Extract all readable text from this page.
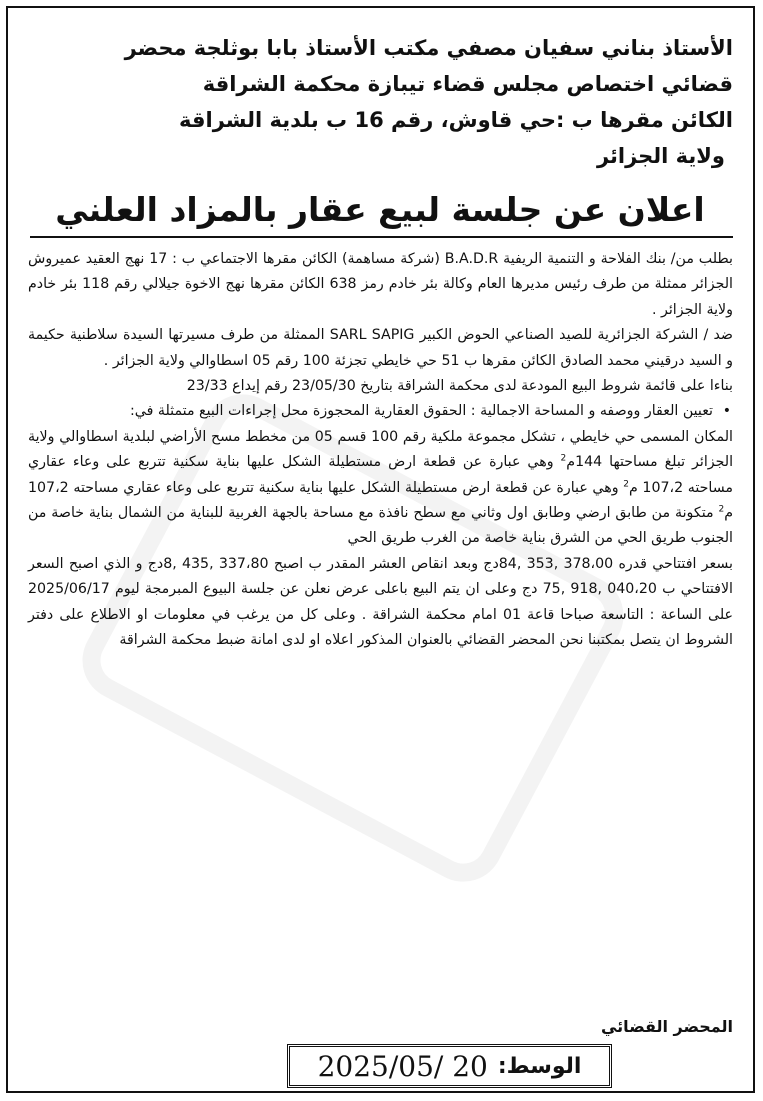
الأستاذ بناني سفيان مصفي مكتب الأستاذ بابا بوثلجة محضر
قضائي اختصاص مجلس قضاء تيبازة محكمة الشراقة
الكائن مقرها ب :حي قاوش، رقم 16 ب بلدية الشراقة
ولاية الجزائر
اعلان عن جلسة لبيع عقار بالمزاد العلني

بطلب من/ بنك الفلاحة و التنمية الريفية B.A.D.R (شركة مساهمة) الكائن مقرها الاجتماعي ب : 17 نهج العقيد عميروش الجزائر ممثلة من طرف رئيس مديرها العام وكالة بئر خادم رمز 638 الكائن مقرها نهج الاخوة جيلالي رقم 118 بئر خادم ولاية الجزائر .

ضد / الشركة الجزائرية للصيد الصناعي الحوض الكبير SARL SAPIG الممثلة من طرف مسيرتها السيدة سلاطنية حكيمة و السيد درقيني محمد الصادق الكائن مقرها ب 51 حي خايطي تجزئة 100 رقم 05 اسطاوالي ولاية الجزائر .

بناءا على قائمة شروط البيع المودعة لدى محكمة الشراقة بتاريخ 23/05/30 رقم إيداع 23/33

•
تعيين العقار ووصفه و المساحة الاجمالية : الحقوق العقارية المحجوزة محل إجراءات البيع متمثلة في:

المكان المسمى حي خايطي ، تشكل مجموعة ملكية رقم 100 قسم 05 من مخطط مسح الأراضي لبلدية اسطاوالي ولاية الجزائر تبلغ مساحتها 144م$^2$ وهي عبارة عن قطعة ارض مستطيلة الشكل عليها بناية سكنية تتربع على وعاء عقاري مساحته 107،2 م$^2$ وهي عبارة عن قطعة ارض مستطيلة الشكل عليها بناية سكنية تتربع على وعاء عقاري مساحته 107،2 م$^2$ متكونة من طابق ارضي وطابق اول وثاني مع سطح نافذة مع مساحة بالجهة الغربية للبناية من الشمال بناية خاصة من الجنوب طريق الحي من الشرق بناية خاصة من الغرب طريق الحي

بسعر افتتاحي قدره 378،00 ,353 ,84دج وبعد انقاص العشر المقدر ب اصبح 337،80 ,435 ,8دج و الذي اصبح السعر الافتتاحي ب 040،20 ,918 ,75 دج وعلى ان يتم البيع باعلى عرض نعلن عن جلسة البيوع المبرمجة ليوم 2025/06/17 على الساعة : التاسعة صباحا قاعة 01 امام محكمة الشراقة . وعلى كل من يرغب في معلومات او الاطلاع على دفتر الشروط ان يتصل بمكتبنا نحن المحضر القضائي بالعنوان المذكور اعلاه او لدى امانة ضبط محكمة الشراقة

المحضر القضائي
الوسط:
2025/05/ 20
